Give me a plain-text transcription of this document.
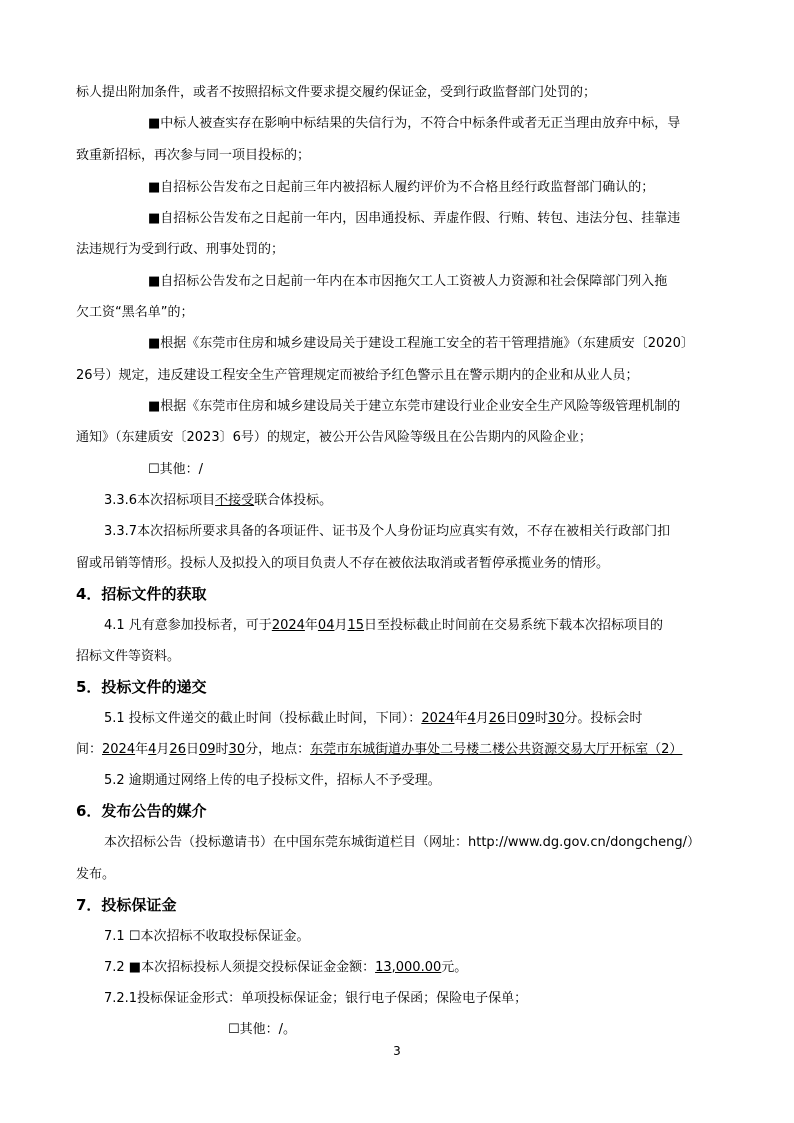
标人提出附加条件，或者不按照招标文件要求提交履约保证金，受到行政监督部门处罚的；
■中标人被查实存在影响中标结果的失信行为，不符合中标条件或者无正当理由放弃中标，导
致重新招标，再次参与同一项目投标的；
■自招标公告发布之日起前三年内被招标人履约评价为不合格且经行政监督部门确认的；
■自招标公告发布之日起前一年内，因串通投标、弄虚作假、行贿、转包、违法分包、挂靠违
法违规行为受到行政、刑事处罚的；
■自招标公告发布之日起前一年内在本市因拖欠工人工资被人力资源和社会保障部门列入拖
欠工资“黑名单”的；
■根据《东莞市住房和城乡建设局关于建设工程施工安全的若干管理措施》（东建质安〔2020〕
26号）规定，违反建设工程安全生产管理规定而被给予红色警示且在警示期内的企业和从业人员；
■根据《东莞市住房和城乡建设局关于建立东莞市建设行业企业安全生产风险等级管理机制的
通知》（东建质安〔2023〕6号）的规定，被公开公告风险等级且在公告期内的风险企业；
☐其他：/
3.3.6本次招标项目不接受联合体投标。
3.3.7本次招标所要求具备的各项证件、证书及个人身份证均应真实有效，不存在被相关行政部门扣
留或吊销等情形。投标人及拟投入的项目负责人不存在被依法取消或者暂停承揽业务的情形。
4．招标文件的获取
4.1 凡有意参加投标者，可于2024年04月15日至投标截止时间前在交易系统下载本次招标项目的
招标文件等资料。
5．投标文件的递交
5.1 投标文件递交的截止时间（投标截止时间，下同）：2024年4月26日09时30分。投标会时
间：2024年4月26日09时30分，地点：东莞市东城街道办事处二号楼二楼公共资源交易大厅开标室（2）
5.2 逾期通过网络上传的电子投标文件，招标人不予受理。
6．发布公告的媒介
本次招标公告（投标邀请书）在中国东莞东城街道栏目（网址：http://www.dg.gov.cn/dongcheng/）
发布。
7．投标保证金
7.1 ☐本次招标不收取投标保证金。
7.2 ■本次招标投标人须提交投标保证金金额：13,000.00元。
7.2.1投标保证金形式：单项投标保证金；银行电子保函；保险电子保单；
☐其他：/。
3
